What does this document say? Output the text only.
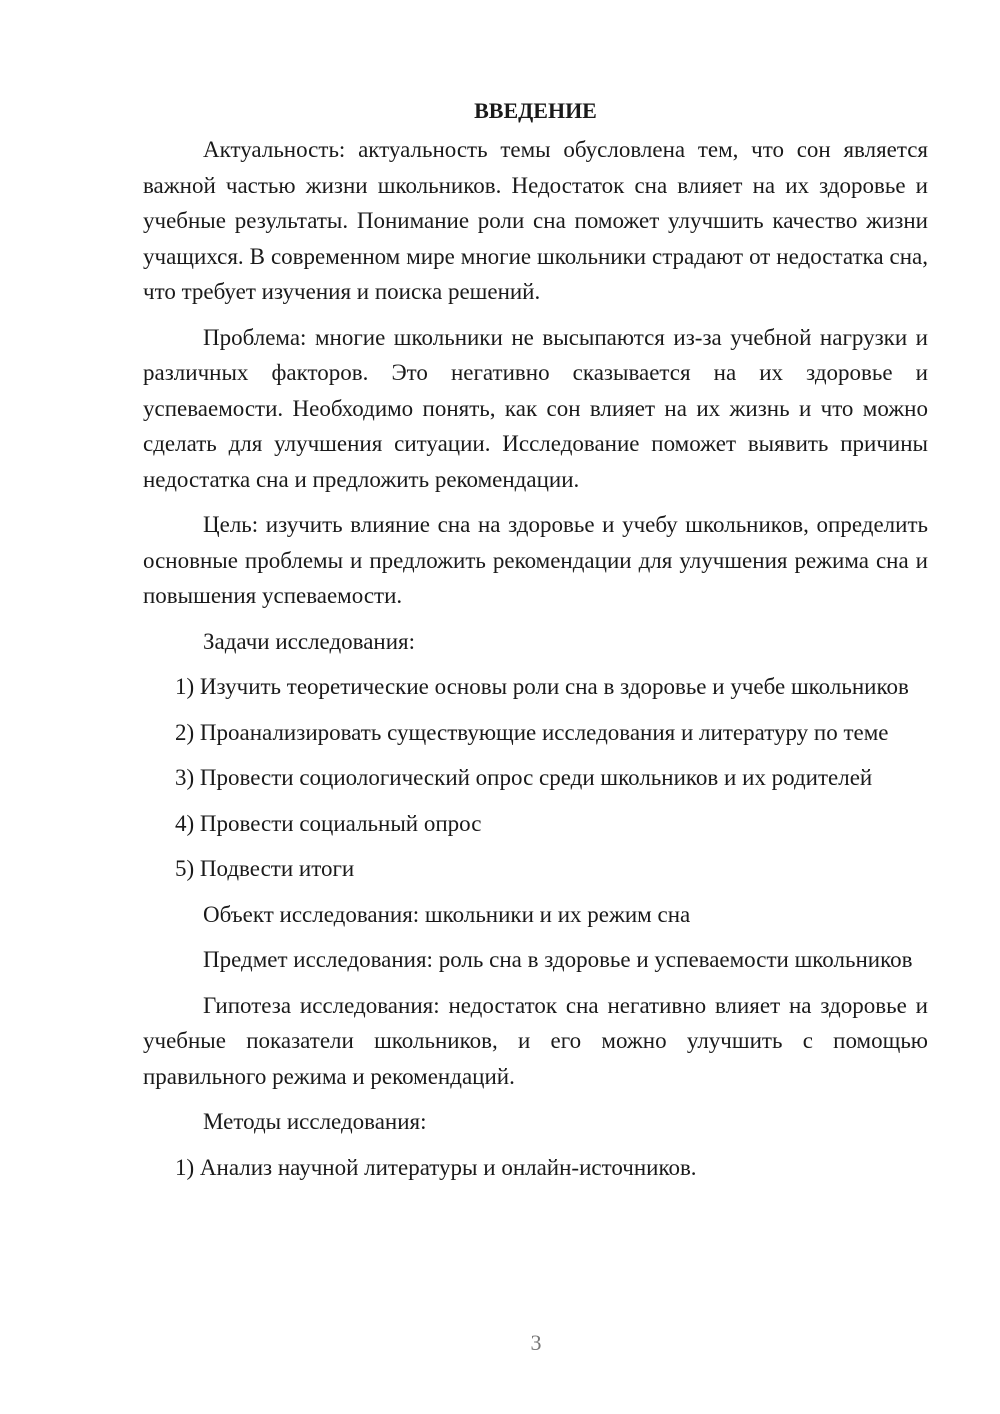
ВВЕДЕНИЕ

Актуальность: актуальность темы обусловлена тем, что сон является важной частью жизни школьников. Недостаток сна влияет на их здоровье и учебные результаты. Понимание роли сна поможет улучшить качество жизни учащихся. В современном мире многие школьники страдают от недостатка сна, что требует изучения и поиска решений.

Проблема: многие школьники не высыпаются из-за учебной нагрузки и различных факторов. Это негативно сказывается на их здоровье и успеваемости. Необходимо понять, как сон влияет на их жизнь и что можно сделать для улучшения ситуации. Исследование поможет выявить причины недостатка сна и предложить рекомендации.

Цель: изучить влияние сна на здоровье и учебу школьников, определить основные проблемы и предложить рекомендации для улучшения режима сна и повышения успеваемости.

Задачи исследования:

1) Изучить теоретические основы роли сна в здоровье и учебе школьников

2) Проанализировать существующие исследования и литературу по теме

3) Провести социологический опрос среди школьников и их родителей

4) Провести социальный опрос

5) Подвести итоги

Объект исследования: школьники и их режим сна

Предмет исследования: роль сна в здоровье и успеваемости школьников

Гипотеза исследования: недостаток сна негативно влияет на здоровье и учебные показатели школьников, и его можно улучшить с помощью правильного режима и рекомендаций.

Методы исследования:

1) Анализ научной литературы и онлайн-источников.

3
